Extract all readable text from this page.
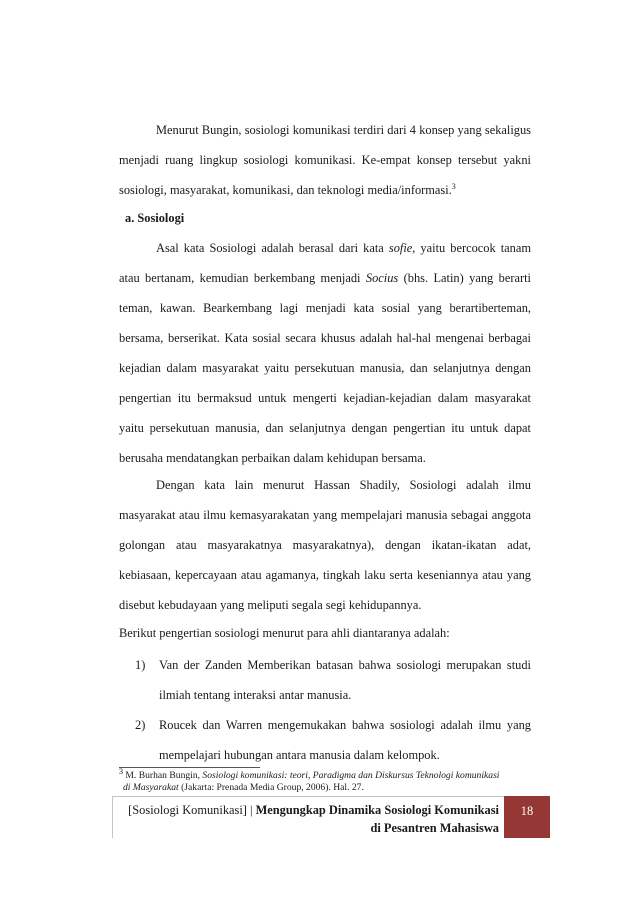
Menurut Bungin, sosiologi komunikasi terdiri dari 4 konsep yang sekaligus menjadi ruang lingkup sosiologi komunikasi. Ke-empat konsep tersebut yakni sosiologi, masyarakat, komunikasi, dan teknologi media/informasi.$^3$

a. Sosiologi

Asal kata Sosiologi adalah berasal dari kata sofie, yaitu bercocok tanam atau bertanam, kemudian berkembang menjadi Socius (bhs. Latin) yang berarti teman, kawan. Bearkembang lagi menjadi kata sosial yang berartiberteman, bersama, berserikat. Kata sosial secara khusus adalah hal-hal mengenai berbagai kejadian dalam masyarakat yaitu persekutuan manusia, dan selanjutnya dengan pengertian itu bermaksud untuk mengerti kejadian-kejadian dalam masyarakat yaitu persekutuan manusia, dan selanjutnya dengan pengertian itu untuk dapat berusaha mendatangkan perbaikan dalam kehidupan bersama.

Dengan kata lain menurut Hassan Shadily, Sosiologi adalah ilmu masyarakat atau ilmu kemasyarakatan yang mempelajari manusia sebagai anggota golongan atau masyarakatnya masyarakatnya), dengan ikatan-ikatan adat, kebiasaan, kepercayaan atau agamanya, tingkah laku serta keseniannya atau yang disebut kebudayaan yang meliputi segala segi kehidupannya.

Berikut pengertian sosiologi menurut para ahli diantaranya adalah:

1)	Van der Zanden Memberikan batasan bahwa sosiologi merupakan studi
ilmiah tentang interaksi antar manusia.
2)	Roucek dan Warren mengemukakan bahwa sosiologi adalah ilmu yang
mempelajari hubungan antara manusia dalam kelompok.
$^3$ M. Burhan Bungin, Sosiologi komunikasi: teori, Paradigma dan Diskursus Teknologi komunikasi
di Masyarakat (Jakarta: Prenada Media Group, 2006). Hal. 27.
[Sosiologi Komunikasi] | Mengungkap Dinamika Sosiologi Komunikasi
di Pesantren Mahasiswa
18
